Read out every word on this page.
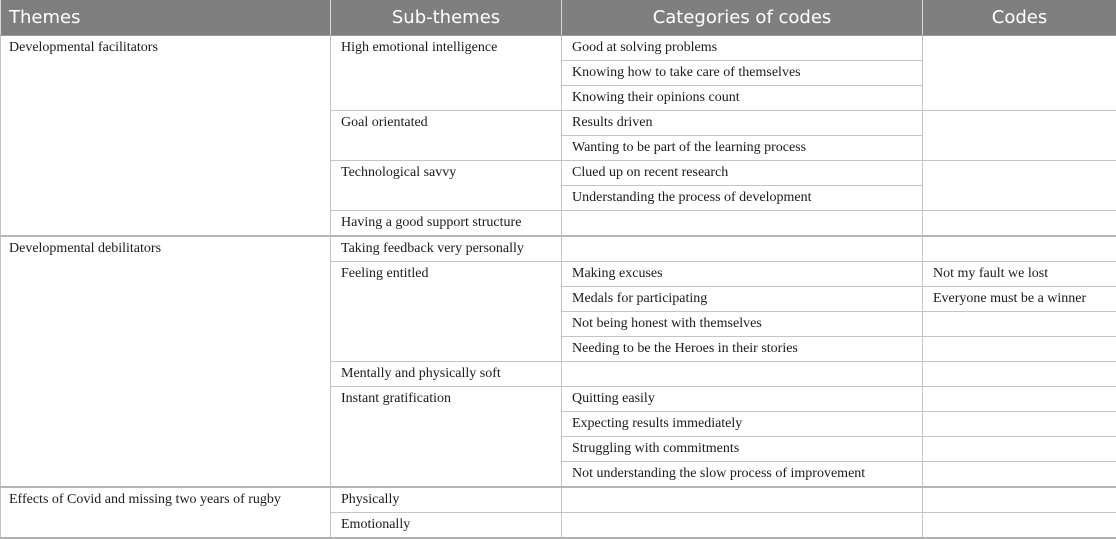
Themes	Sub-themes	Categories of codes	Codes
Developmental facilitators	High emotional intelligence	Good at solving problems	
		Knowing how to take care of themselves	
		Knowing their opinions count	
	Goal orientated	Results driven	
		Wanting to be part of the learning process	
	Technological savvy	Clued up on recent research	
		Understanding the process of development	
	Having a good support structure		
Developmental debilitators	Taking feedback very personally		
	Feeling entitled	Making excuses	Not my fault we lost
		Medals for participating	Everyone must be a winner
		Not being honest with themselves	
		Needing to be the Heroes in their stories	
	Mentally and physically soft		
	Instant gratification	Quitting easily	
		Expecting results immediately	
		Struggling with commitments	
		Not understanding the slow process of improvement	
Effects of Covid and missing two years of rugby	Physically		
	Emotionally		
